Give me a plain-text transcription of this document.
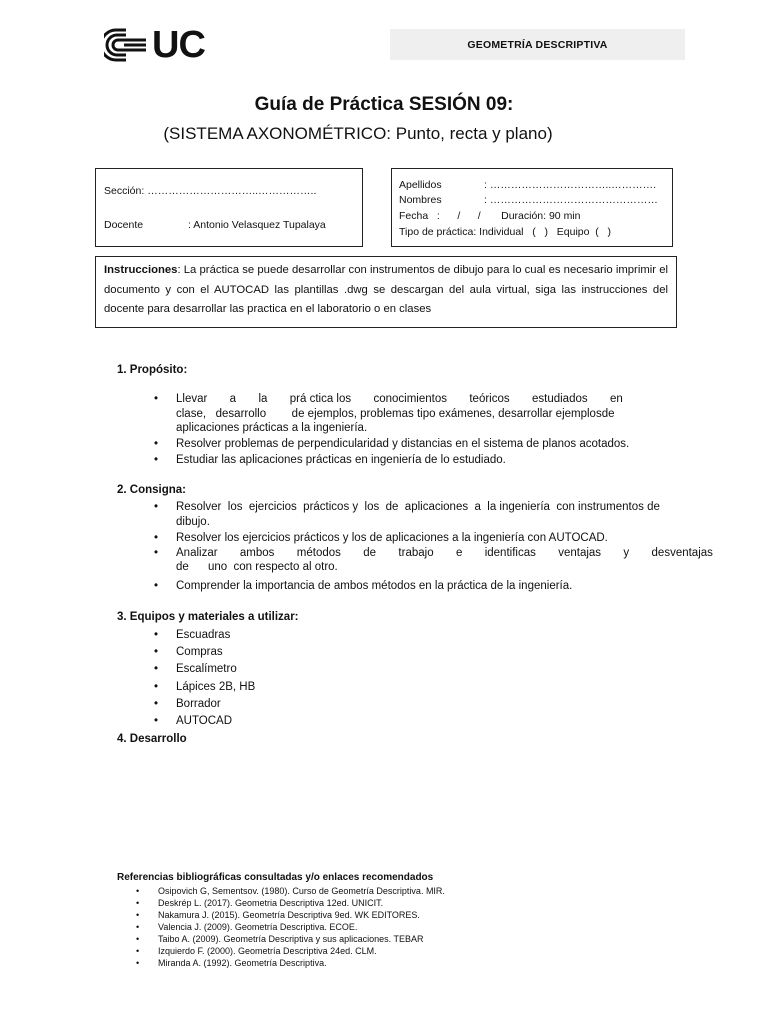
UC	GEOMETRÍA DESCRIPTIVA
Guía de Práctica SESIÓN 09:
(SISTEMA AXONOMÉTRICO: Punto, recta y plano)
Sección: …………………………..……………..
Docente	: Antonio Velasquez Tupalaya
Apellidos	: ……………………………..………….
Nombres	: …………………………………………
Fecha   :      /      /       Duración: 90 min
Tipo de práctica: Individual   (   )   Equipo  (   )
Instrucciones: La práctica se puede desarrollar con instrumentos de dibujo para lo cual es necesario imprimir el documento y con el AUTOCAD las plantillas .dwg se descargan del aula virtual, siga las instrucciones del docente para desarrollar las practica en el laboratorio o en clases
1. Propósito:
• Llevar       a       la       prá ctica los       conocimientos       teóricos       estudiados       en
clase,   desarrollo        de ejemplos, problemas tipo exámenes, desarrollar ejemplosde
aplicaciones prácticas a la ingeniería.
• Resolver problemas de perpendicularidad y distancias en el sistema de planos acotados.
• Estudiar las aplicaciones prácticas en ingeniería de lo estudiado.
2. Consigna:
• Resolver  los  ejercicios  prácticos y  los  de  aplicaciones  a  la ingeniería  con instrumentos de
dibujo.
• Resolver los ejercicios prácticos y los de aplicaciones a la ingeniería con AUTOCAD.
• Analizar       ambos       métodos       de       trabajo       e       identificas       ventajas       y       desventajas
de      uno  con respecto al otro.
• Comprender la importancia de ambos métodos en la práctica de la ingeniería.
3. Equipos y materiales a utilizar:
• Escuadras
• Compras
• Escalímetro
• Lápices 2B, HB
• Borrador
• AUTOCAD
4. Desarrollo
Referencias bibliográficas consultadas y/o enlaces recomendados
• Osipovich G, Sementsov. (1980). Curso de Geometría Descriptiva. MIR.
• Deskrép L. (2017). Geometria Descriptiva 12ed. UNICIT.
• Nakamura J. (2015). Geometría Descriptiva 9ed. WK EDITORES.
• Valencia J. (2009). Geometría Descriptiva. ECOE.
• Taibo A. (2009). Geometría Descriptiva y sus aplicaciones. TEBAR
• Izquierdo F. (2000). Geometría Descriptiva 24ed. CLM.
• Miranda A. (1992). Geometría Descriptiva.
